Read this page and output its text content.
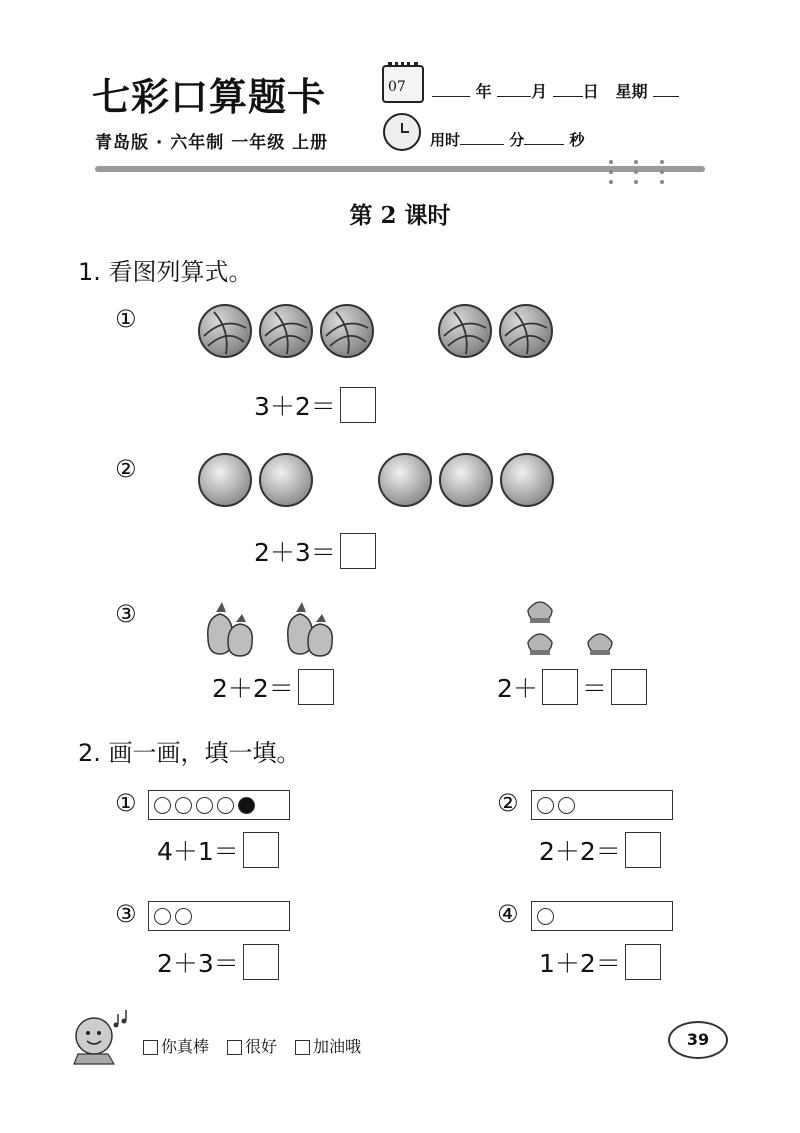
七彩口算题卡	07	年 月 日 星期
青岛版 · 六年制 一年级 上册	用时	分	秒
第 2 课时
1. 看图列算式。
①
3＋2＝
②
2＋3＝
③
2＋2＝	2＋ ＝
2. 画一画，填一填。
①
4＋1＝
②
2＋2＝
③
2＋3＝
④
1＋2＝
你真棒	很好	加油哦	39
